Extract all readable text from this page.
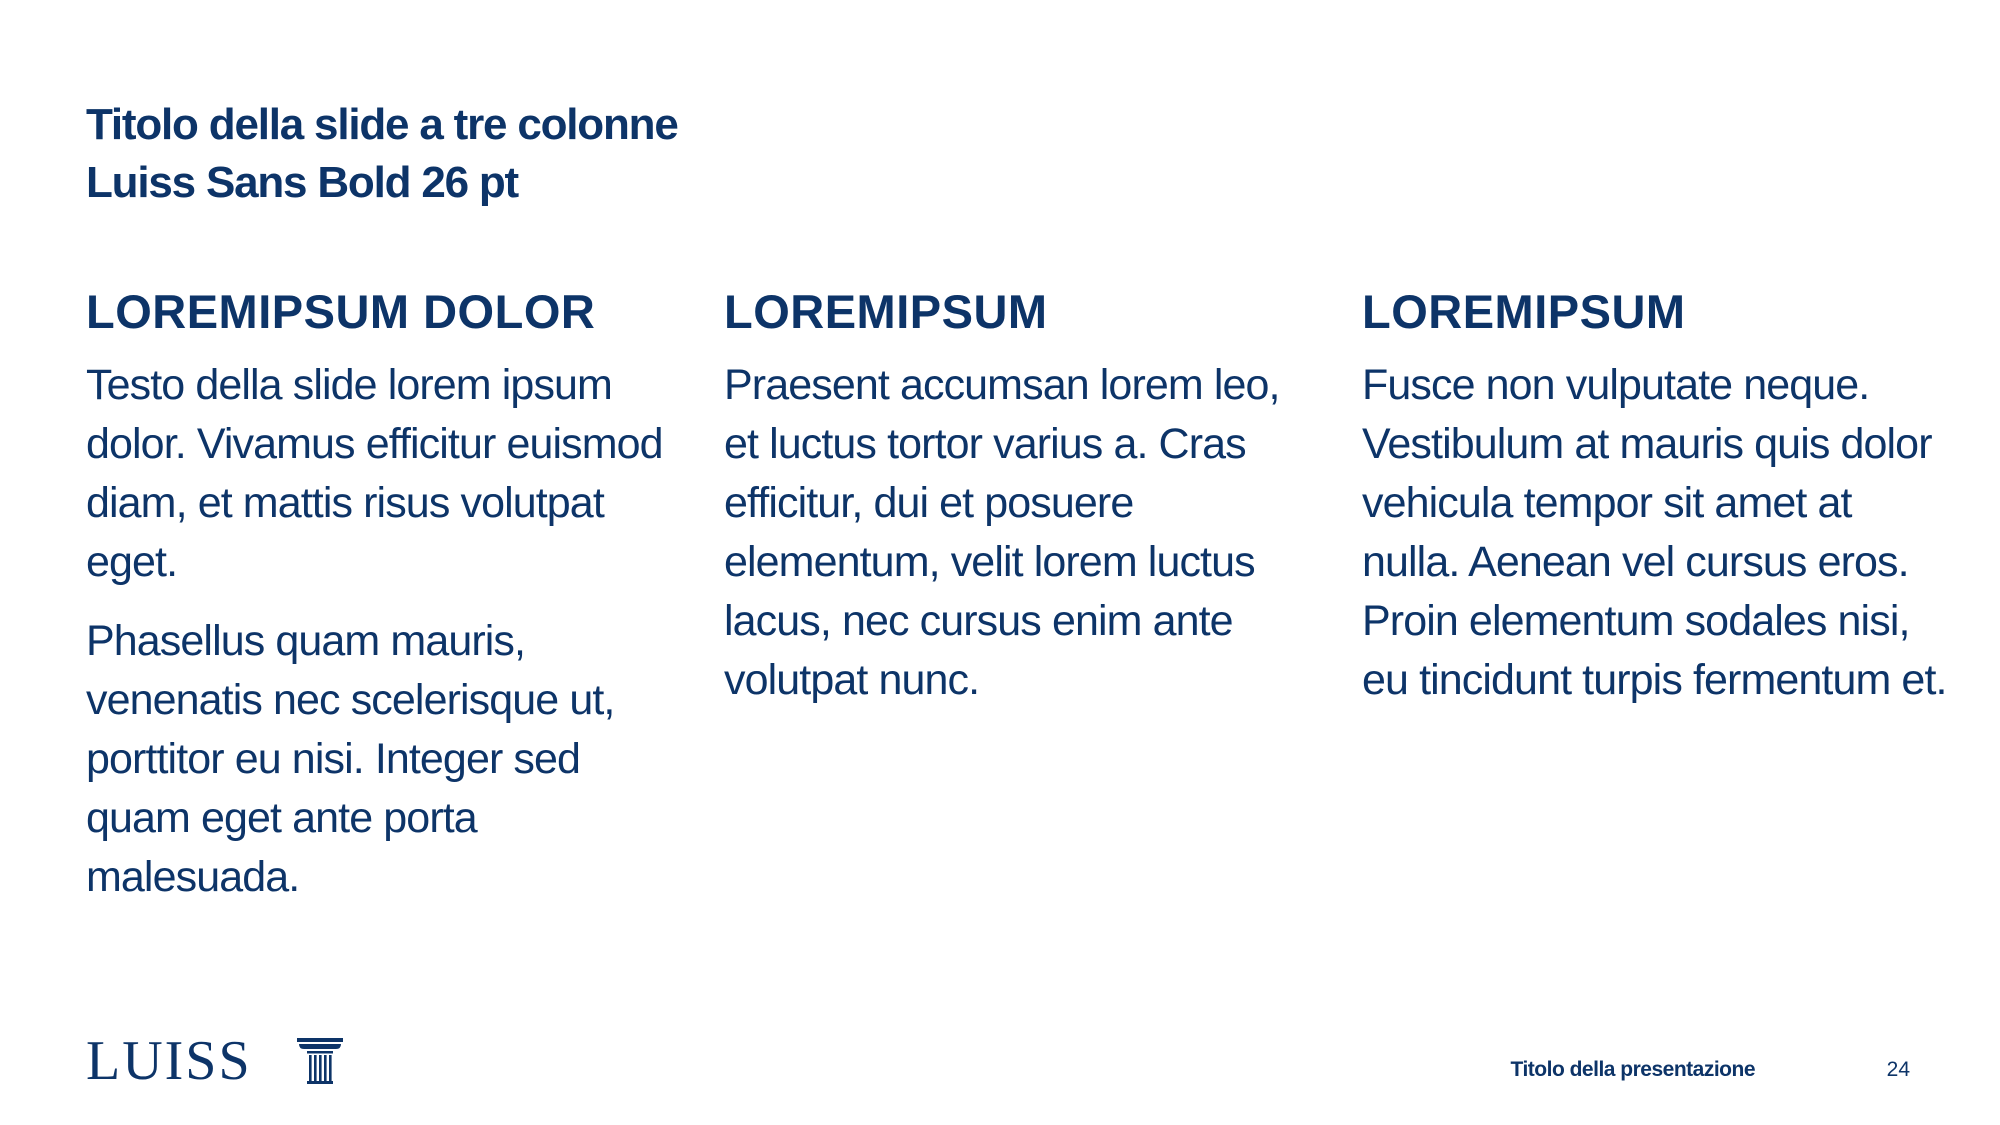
Titolo della slide a tre colonne
Luiss Sans Bold 26 pt
LOREMIPSUM DOLOR

Testo della slide lorem ipsum dolor. Vivamus efficitur euismod diam, et mattis risus volutpat eget.

Phasellus quam mauris, venenatis nec scelerisque ut, porttitor eu nisi. Integer sed quam eget ante porta malesuada.

LOREMIPSUM

Praesent accumsan lorem leo, et luctus tortor varius a. Cras efficitur, dui et posuere elementum, velit lorem luctus lacus, nec cursus enim ante volutpat nunc.

LOREMIPSUM

Fusce non vulputate neque. Vestibulum at mauris quis dolor vehicula tempor sit amet at nulla. Aenean vel cursus eros. Proin elementum sodales nisi, eu tincidunt turpis fermentum et.

LUISS	Titolo della presentazione	24
